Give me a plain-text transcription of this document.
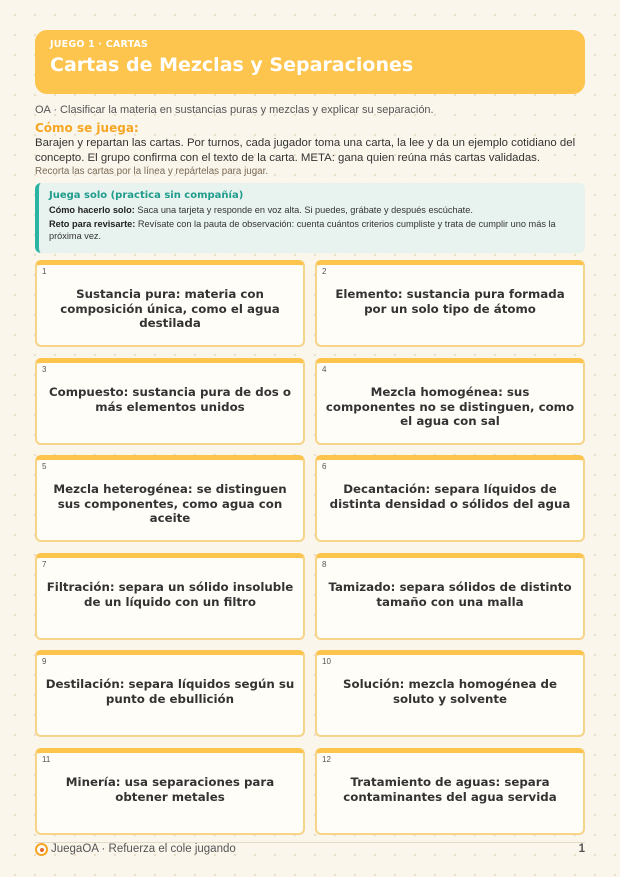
JUEGO 1 · CARTAS
Cartas de Mezclas y Separaciones
OA · Clasificar la materia en sustancias puras y mezclas y explicar su separación.
Cómo se juega:
Barajen y repartan las cartas. Por turnos, cada jugador toma una carta, la lee y da un ejemplo cotidiano del concepto. El grupo confirma con el texto de la carta. META: gana quien reúna más cartas validadas.
Recorta las cartas por la línea y repártelas para jugar.
Juega solo (practica sin compañía)
Cómo hacerlo solo: Saca una tarjeta y responde en voz alta. Si puedes, grábate y después escúchate.
Reto para revisarte: Revísate con la pauta de observación: cuenta cuántos criterios cumpliste y trata de cumplir uno más la próxima vez.
1
Sustancia pura: materia con composición única, como el agua destilada
2
Elemento: sustancia pura formada por un solo tipo de átomo
3
Compuesto: sustancia pura de dos o más elementos unidos
4
Mezcla homogénea: sus componentes no se distinguen, como el agua con sal
5
Mezcla heterogénea: se distinguen sus componentes, como agua con aceite
6
Decantación: separa líquidos de distinta densidad o sólidos del agua
7
Filtración: separa un sólido insoluble de un líquido con un filtro
8
Tamizado: separa sólidos de distinto tamaño con una malla
9
Destilación: separa líquidos según su punto de ebullición
10
Solución: mezcla homogénea de soluto y solvente
11
Minería: usa separaciones para obtener metales
12
Tratamiento de aguas: separa contaminantes del agua servida
JuegaOA · Refuerza el cole jugando	1
